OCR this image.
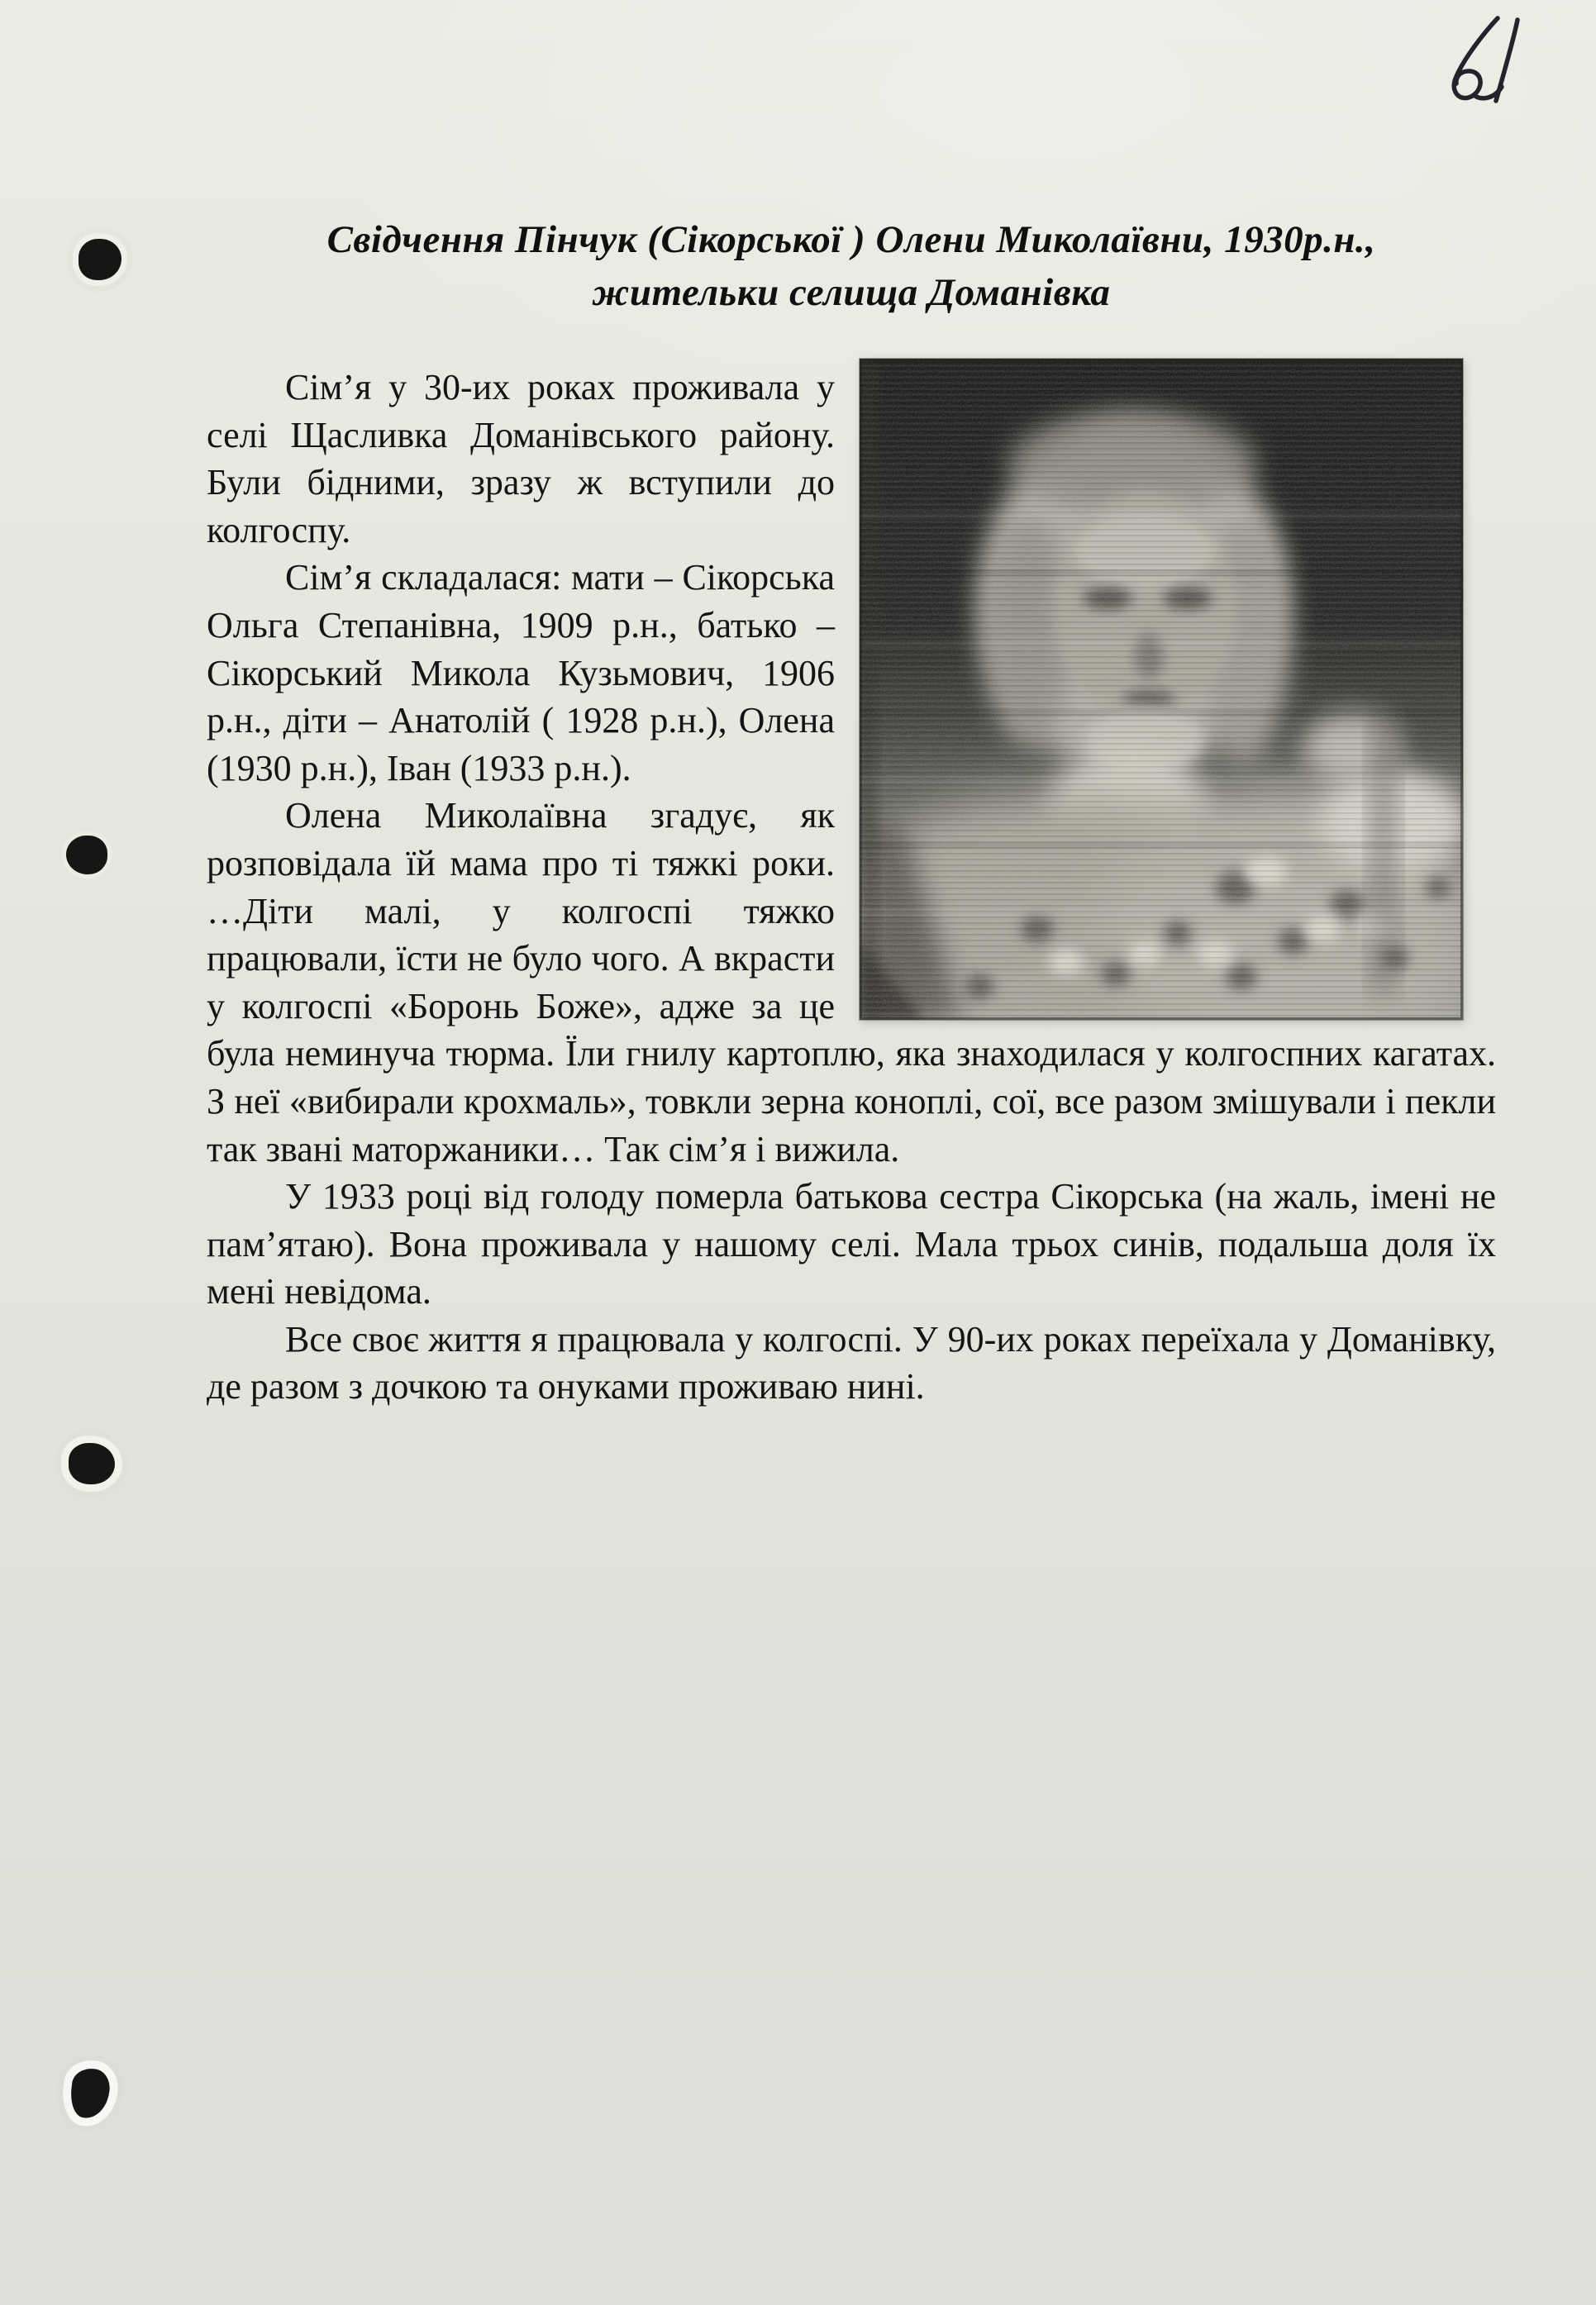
Свідчення Пінчук (Сікорської ) Олени Миколаївни, 1930р.н.,
жительки селища Доманівка

Сім’я у 30-их роках проживала у селі Щасливка Доманівського району. Були бідними, зразу ж вступили до колгоспу.

Сім’я складалася: мати – Сікорська Ольга Степанівна, 1909 р.н., батько – Сікорський Микола Кузьмович, 1906 р.н., діти – Анатолій ( 1928 р.н.), Олена (1930 р.н.), Іван (1933 р.н.).

Олена Миколаївна згадує, як розповідала їй мама про ті тяжкі роки. …Діти малі, у колгоспі тяжко працювали, їсти не було чого. А вкрасти у колгоспі «Боронь Боже», адже за це була неминуча тюрма. Їли гнилу картоплю, яка знаходилася у колгоспних кагатах. З неї «вибирали крохмаль», товкли зерна коноплі, сої, все разом змішували і пекли так звані маторжаники… Так сім’я і вижила.

У 1933 році від голоду померла батькова сестра Сікорська (на жаль, імені не пам’ятаю). Вона проживала у нашому селі. Мала трьох синів, подальша доля їх мені невідома.

Все своє життя я працювала у колгоспі. У 90-их роках переїхала у Доманівку, де разом з дочкою та онуками проживаю нині.
